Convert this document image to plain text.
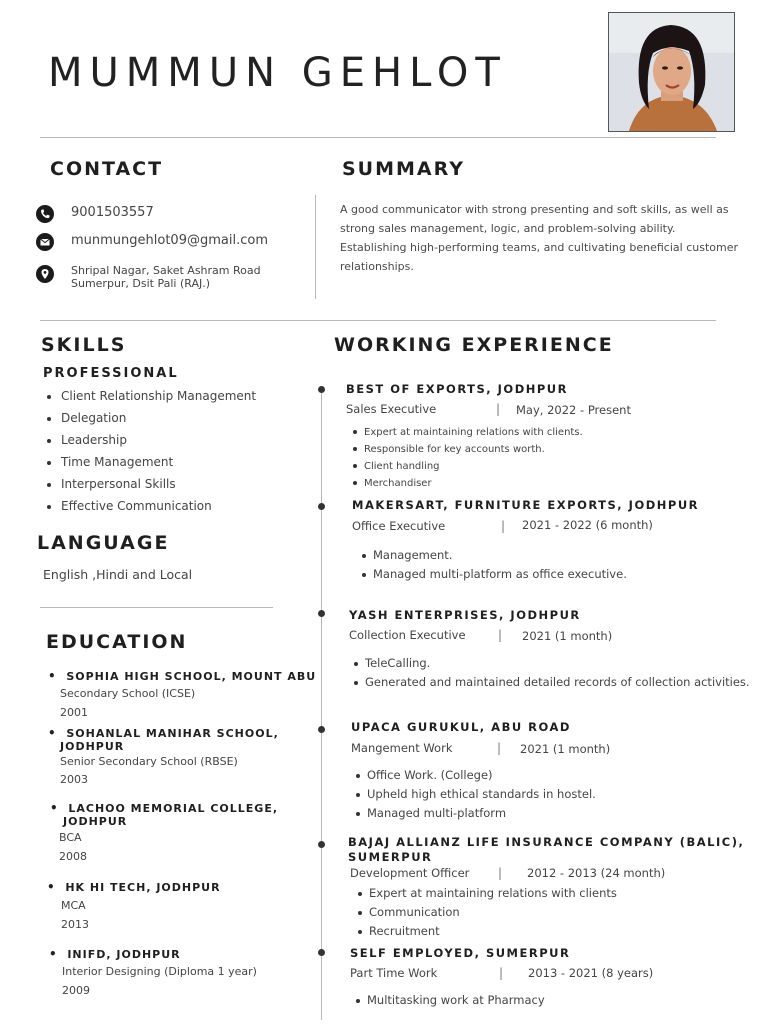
MUMMUN GEHLOT
CONTACT
9001503557
munmungehlot09@gmail.com
Shripal Nagar, Saket Ashram Road
Sumerpur, Dsit Pali (RAJ.)
SUMMARY
A good communicator with strong presenting and soft skills, as well as strong sales management, logic, and problem-solving ability. Establishing high-performing teams, and cultivating beneficial customer relationships.
SKILLS
PROFESSIONAL
Client Relationship Management
Delegation
Leadership
Time Management
Interpersonal Skills
Effective Communication
LANGUAGE
English ,Hindi and Local
EDUCATION
• SOPHIA HIGH SCHOOL, MOUNT ABU
Secondary School (ICSE)
2001
• SOHANLAL MANIHAR SCHOOL,
JODHPUR
Senior Secondary School (RBSE)
2003
• LACHOO MEMORIAL COLLEGE,
JODHPUR
BCA
2008
• HK HI TECH, JODHPUR
MCA
2013
• INIFD, JODHPUR
Interior Designing (Diploma 1 year)
2009
WORKING EXPERIENCE
BEST OF EXPORTS, JODHPUR
Sales Executive	| May, 2022 - Present
Expert at maintaining relations with clients.
Responsible for key accounts worth.
Client handling
Merchandiser
MAKERSART, FURNITURE EXPORTS, JODHPUR
Office Executive	| 2021 - 2022 (6 month)
Management.
Managed multi-platform as office executive.
YASH ENTERPRISES, JODHPUR
Collection Executive	| 2021 (1 month)
TeleCalling.
Generated and maintained detailed records of collection activities.
UPACA GURUKUL, ABU ROAD
Mangement Work	| 2021 (1 month)
Office Work. (College)
Upheld high ethical standards in hostel.
Managed multi-platform
BAJAJ ALLIANZ LIFE INSURANCE COMPANY (BALIC),
SUMERPUR
Development Officer | 2012 - 2013 (24 month)
Expert at maintaining relations with clients
Communication
Recruitment
SELF EMPLOYED, SUMERPUR
Part Time Work	| 2013 - 2021 (8 years)
Multitasking work at Pharmacy
